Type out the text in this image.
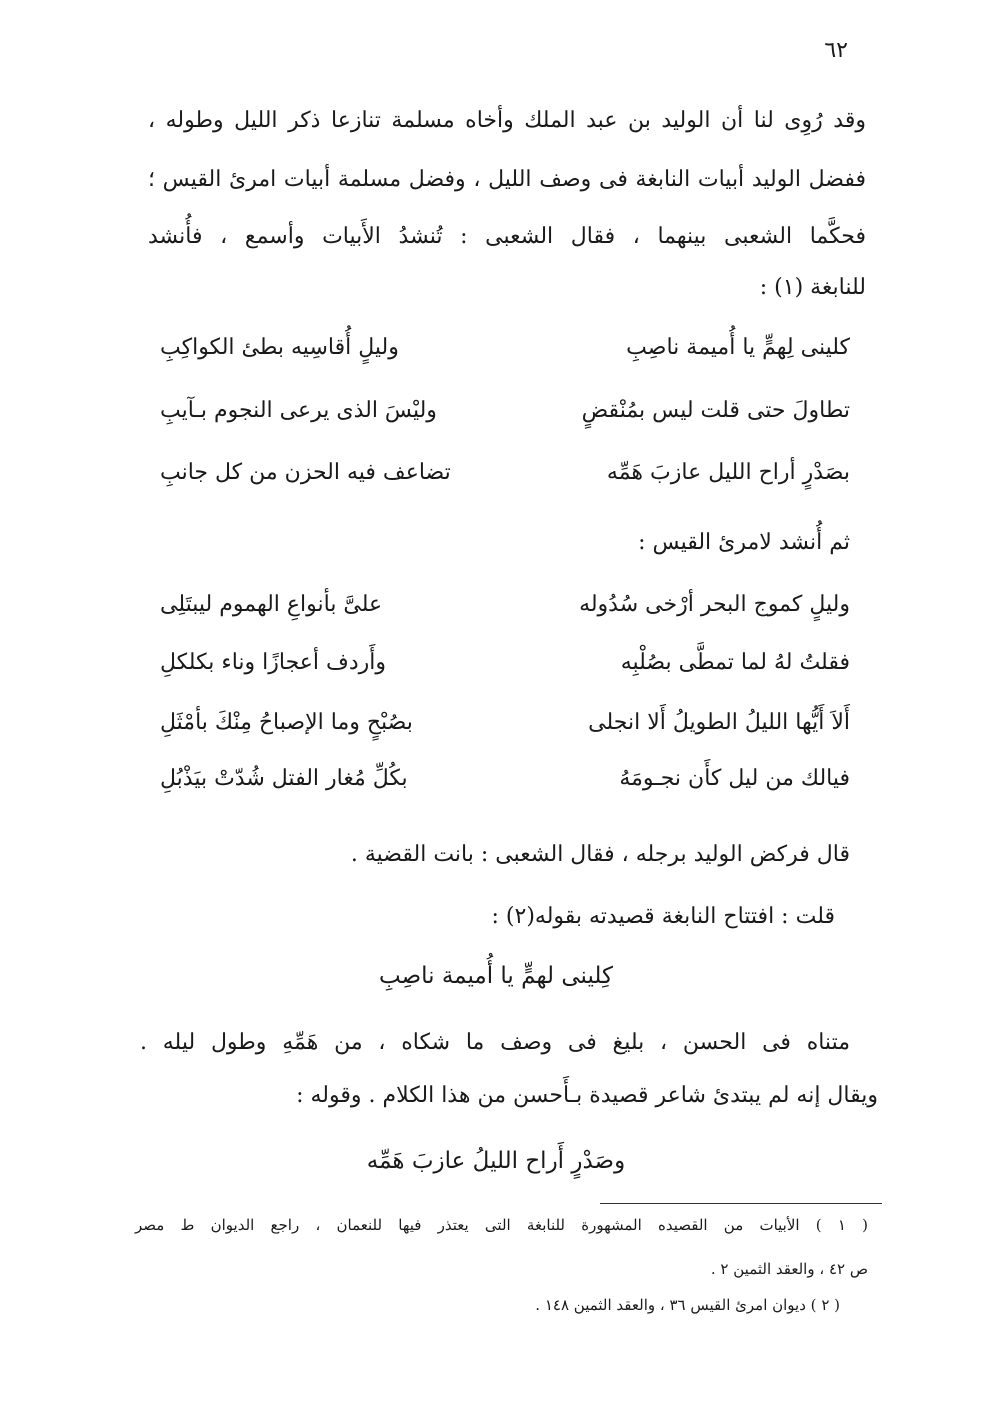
٦٢
وقد رُوِى لنا أن الوليد بن عبد الملك وأخاه مسلمة تنازعا ذكر الليل وطوله ،
ففضل الوليد أبيات النابغة فى وصف الليل ، وفضل مسلمة أبيات امرئ القيس ؛
فحكَّما الشعبى بينهما ، فقال الشعبى : تُنشدُ الأَبيات وأسمع ، فأُنشد
للنابغة (١) :
كلينى لِهمٍّ يا أُميمة ناصِبِ
وليلٍ أُقاسِيه بطئ الكواكِبِ
تطاولَ حتى قلت ليس بمُنْقضٍ
وليْسَ الذى يرعى النجوم بـآيبِ
بصَدْرٍ أراح الليل عازبَ هَمِّه
تضاعف فيه الحزن من كل جانبِ
ثم أُنشد لامرئ القيس :
وليلٍ كموج البحر أرْخى سُدُوله
علىَّ بأنواعِ الهموم ليبتَلِى
فقلتُ لهُ لما تمطَّى بصُلْبِه
وأَردف أعجازًا وناء بكلكلِ
أَلاَ أَيُّها الليلُ الطويلُ أَلا انجلى
بصُبْحٍ وما الإصباحُ مِنْكَ بأمْثَلِ
فيالك من ليل كأَن نجـومَهُ
بكُلِّ مُغار الفتل شُدّتْ بيَذْبُلِ
قال فركض الوليد برجله ، فقال الشعبى : بانت القضية .
قلت : افتتاح النابغة قصيدته بقوله(٢) :
كِلينى لهمٍّ يا أُميمة ناصِبِ
متناه فى الحسن ، بليغ فى وصف ما شكاه ، من هَمِّهِ وطول ليله .
ويقال إنه لم يبتدئ شاعر قصيدة بـأَحسن من هذا الكلام . وقوله :
وصَدْرٍ أَراح الليلُ عازبَ هَمِّه
( ١ ) الأبيات من القصيده المشهورة للنابغة التى يعتذر فيها للنعمان ، راجع الديوان ط مصر
ص ٤٢ ، والعقد الثمين ٢ .
( ٢ ) ديوان امرئ القيس ٣٦ ، والعقد الثمين ١٤٨ .
